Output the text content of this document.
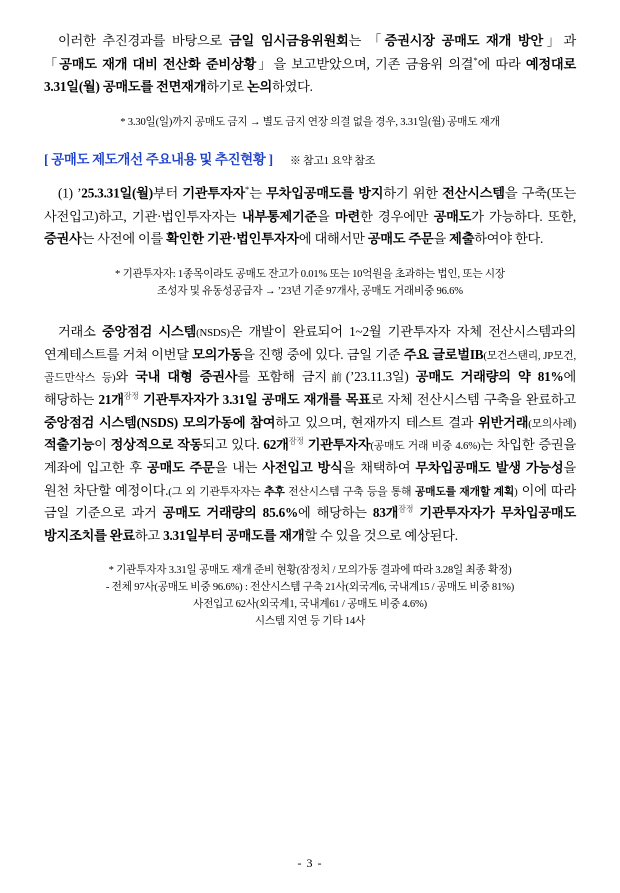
이러한 추진경과를 바탕으로 금일 임시금융위원회는 「증권시장 공매도 재개 방안」과 「공매도 재개 대비 전산화 준비상황」을 보고받았으며, 기존 금융위 의결*에 따라 예정대로 3.31일(월) 공매도를 전면재개하기로 논의하였다.

* 3.30일(일)까지 공매도 금지 → 별도 금지 연장 의결 없을 경우, 3.31일(월) 공매도 재개

[ 공매도 제도개선 주요내용 및 추진현황 ] ※ 참고1 요약 참조

(1) ’25.3.31일(월)부터 기관투자자*는 무차입공매도를 방지하기 위한 전산시스템을 구축(또는 사전입고)하고, 기관·법인투자자는 내부통제기준을 마련한 경우에만 공매도가 가능하다. 또한, 증권사는 사전에 이를 확인한 기관·법인투자자에 대해서만 공매도 주문을 제출하여야 한다.

* 기관투자자: 1종목이라도 공매도 잔고가 0.01% 또는 10억원을 초과하는 법인, 또는 시장

조성자 및 유동성공급자 → ’23년 기준 97개사, 공매도 거래비중 96.6%

거래소 중앙점검 시스템(NSDS)은 개발이 완료되어 1~2월 기관투자자 자체 전산시스템과의 연계테스트를 거쳐 이번달 모의가동을 진행 중에 있다. 금일 기준 주요 글로벌IB(모건스탠리, JP모건, 골드만삭스 등)와 국내 대형 증권사를 포함해 금지前(’23.11.3일) 공매도 거래량의 약 81%에 해당하는 21개$^{잠정}$ 기관투자자가 3.31일 공매도 재개를 목표로 자체 전산시스템 구축을 완료하고 중앙점검 시스템(NSDS) 모의가동에 참여하고 있으며, 현재까지 테스트 결과 위반거래(모의사례) 적출기능이 정상적으로 작동되고 있다. 62개$^{잠정}$ 기관투자자(공매도 거래 비중 4.6%)는 차입한 증권을 계좌에 입고한 후 공매도 주문을 내는 사전입고 방식을 채택하여 무차입공매도 발생 가능성을 원천 차단할 예정이다.(그 외 기관투자자는 추후 전산시스템 구축 등을 통해 공매도를 재개할 계획) 이에 따라 금일 기준으로 과거 공매도 거래량의 85.6%에 해당하는 83개$^{잠정}$ 기관투자자가 무차입공매도 방지조치를 완료하고 3.31일부터 공매도를 재개할 수 있을 것으로 예상된다.

* 기관투자자 3.31일 공매도 재개 준비 현황(잠정치 / 모의가동 결과에 따라 3.28일 최종 확정)
- 전체 97사(공매도 비중 96.6%) : 전산시스템 구축 21사(외국계6, 국내계15 / 공매도 비중 81%)
사전입고 62사(외국계1, 국내계61 / 공매도 비중 4.6%)
시스템 지연 등 기타 14사
- 3 -
